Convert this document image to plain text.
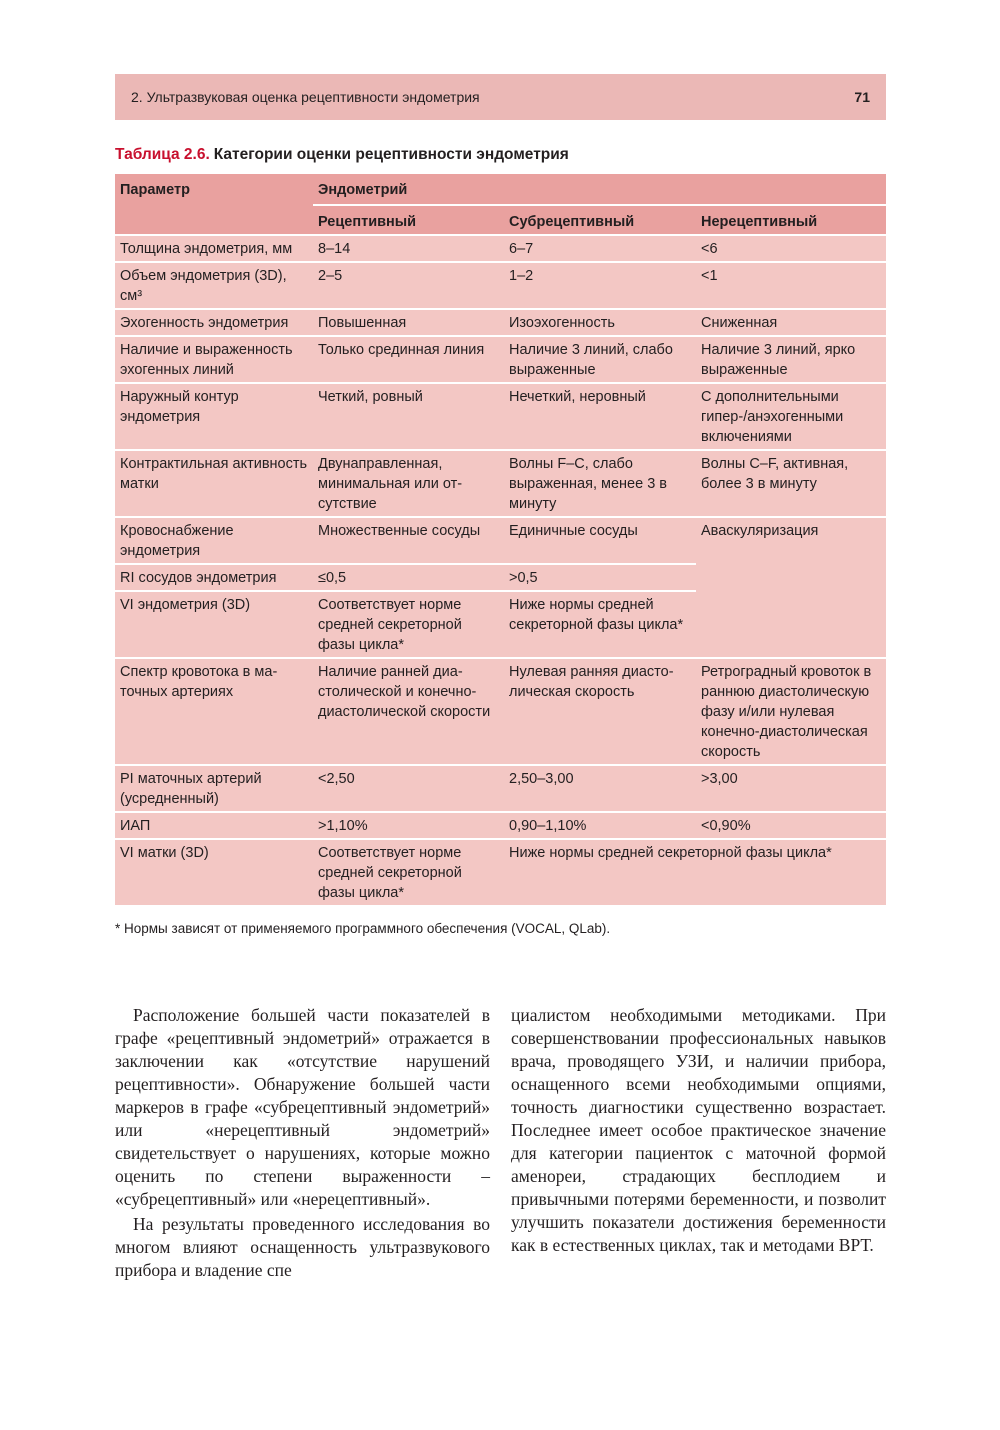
2. Ультразвуковая оценка рецептивности эндометрия	71
Таблица 2.6. Категории оценки рецептивности эндометрия
Параметр	Эндометрий		
	Рецептивный	Субрецептивный	Нерецептивный
Толщина эндометрия, мм	8–14	6–7	<6
Объем эндометрия (3D), см³	2–5	1–2	<1
Эхогенность эндометрия	Повышенная	Изоэхогенность	Сниженная
Наличие и выраженность эхогенных линий	Только срединная линия	Наличие 3 линий, слабо выраженные	Наличие 3 линий, ярко выраженные
Наружный контур эндометрия	Четкий, ровный	Нечеткий, неровный	С дополнительными гипер-/анэхогенными включениями
Контрактильная активность матки	Двунаправленная, минимальная или отсутствие	Волны F–C, слабо выраженная, менее 3 в минуту	Волны C–F, активная, более 3 в минуту
Кровоснабжение эндометрия	Множественные сосуды	Единичные сосуды	Аваскуляризация
RI сосудов эндометрия	≤0,5	>0,5	
VI эндометрия (3D)	Соответствует норме средней секреторной фазы цикла*	Ниже нормы средней секреторной фазы цикла*	
Спектр кровотока в маточных артериях	Наличие ранней диастолической и конечно-диастолической скорости	Нулевая ранняя диастолическая скорость	Ретроградный кровоток в раннюю диастолическую фазу и/или нулевая конечно-диастолическая скорость
PI маточных артерий (усредненный)	<2,50	2,50–3,00	>3,00
ИАП	>1,10%	0,90–1,10%	<0,90%
VI матки (3D)	Соответствует норме средней секреторной фазы цикла*	Ниже нормы средней секреторной фазы цикла*	
* Нормы зависят от применяемого программного обеспечения (VOCAL, QLab).

Расположение большей части показателей в графе «рецептивный эндометрий» отражается в заключении как «отсутствие нарушений рецептивности». Обнаружение большей части маркеров в графе «субрецептивный эндометрий» или «нерецептивный эндометрий» свидетельствует о нарушениях, которые можно оценить по степени выраженности – «субрецептивный» или «нерецептивный».

На результаты проведенного исследования во многом влияют оснащенность ультразвукового прибора и владение спе

циалистом необходимыми методиками. При совершенствовании профессиональных навыков врача, проводящего УЗИ, и наличии прибора, оснащенного всеми необходимыми опциями, точность диагностики существенно возрастает. Последнее имеет особое практическое значение для категории пациенток с маточной формой аменореи, страдающих бесплодием и привычными потерями беременности, и позволит улучшить показатели достижения беременности как в естественных циклах, так и методами ВРТ.
